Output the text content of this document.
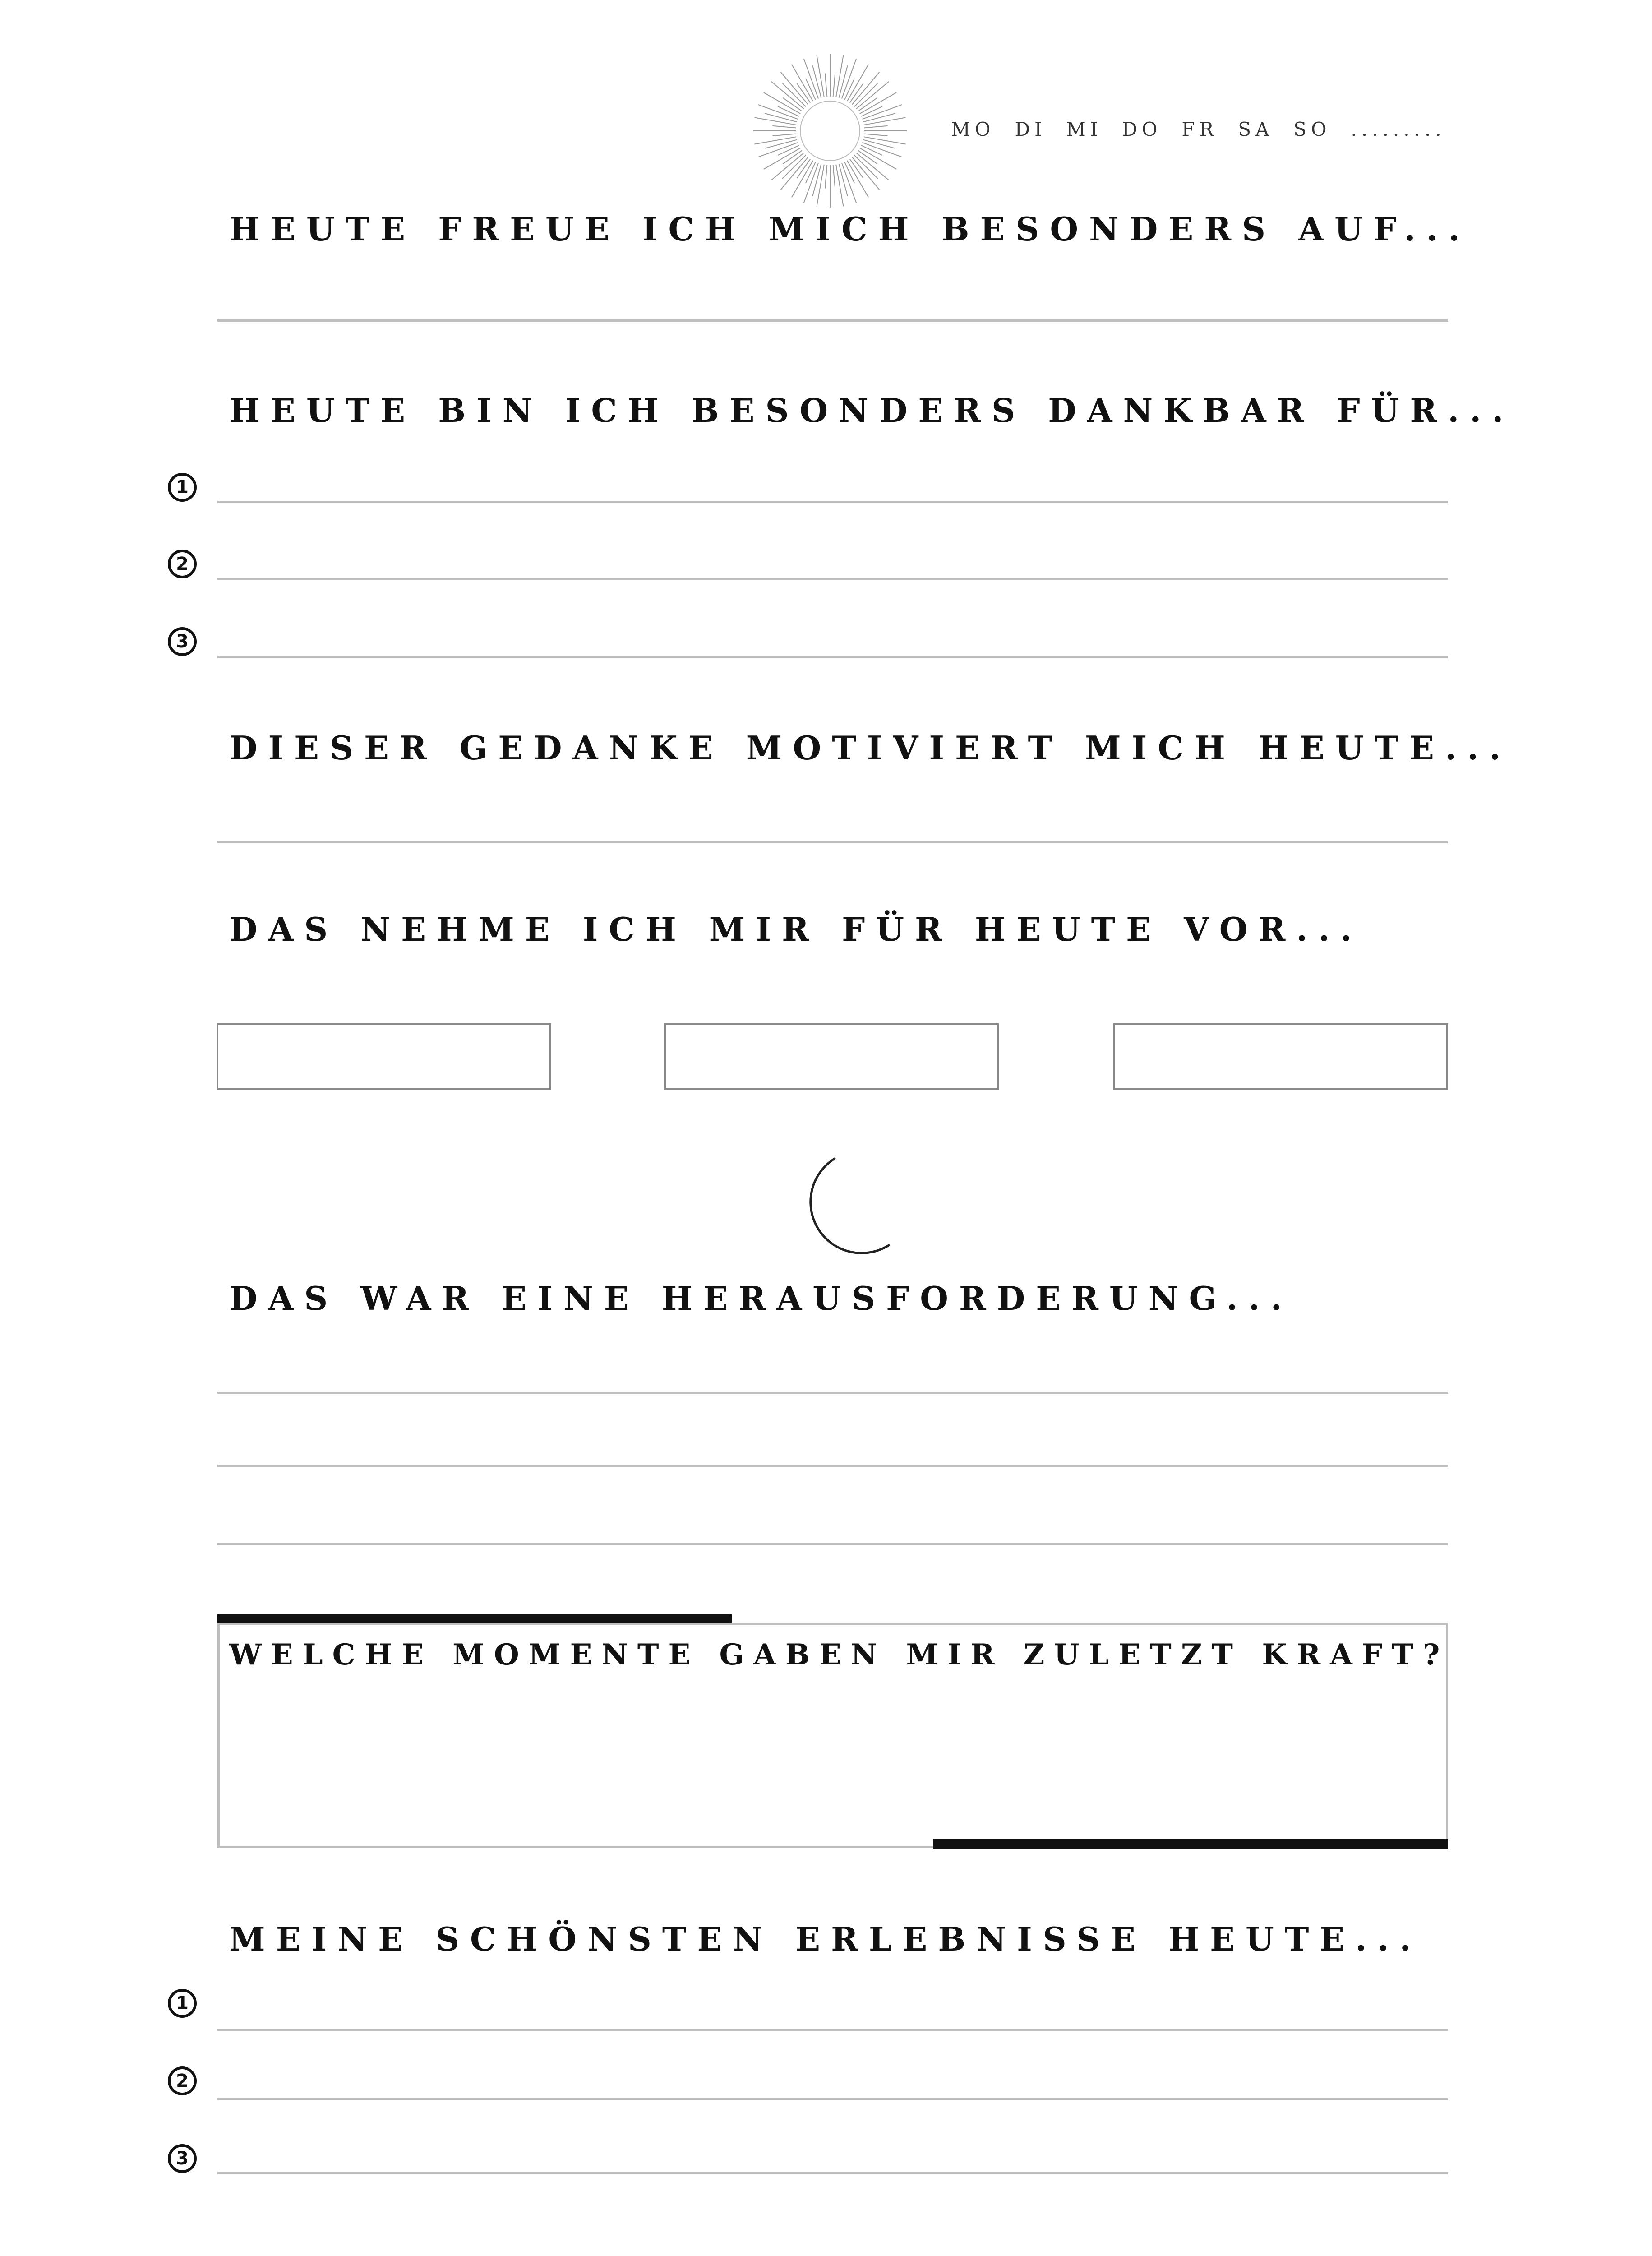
MO DI MI DO FR SA SO .........
HEUTE FREUE ICH MICH BESONDERS AUF...
HEUTE BIN ICH BESONDERS DANKBAR FÜR...
1
2
3
DIESER GEDANKE MOTIVIERT MICH HEUTE...
DAS NEHME ICH MIR FÜR HEUTE VOR...
DAS WAR EINE HERAUSFORDERUNG...
WELCHE MOMENTE GABEN MIR ZULETZT KRAFT?
MEINE SCHÖNSTEN ERLEBNISSE HEUTE...
1
2
3
